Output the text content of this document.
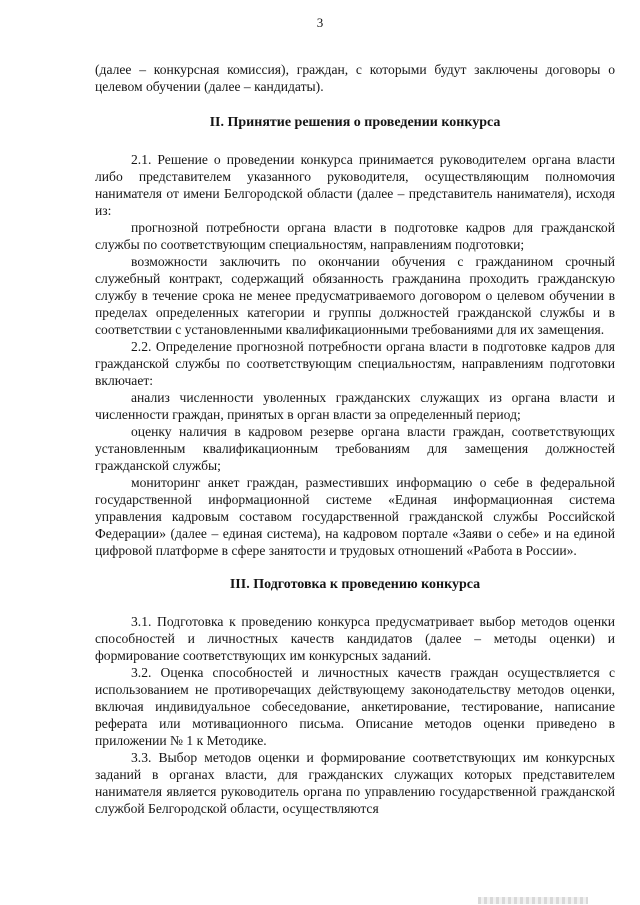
3

(далее – конкурсная комиссия), граждан, с которыми будут заключены договоры о целевом обучении (далее – кандидаты).

II. Принятие решения о проведении конкурса

2.1. Решение о проведении конкурса принимается руководителем органа власти либо представителем указанного руководителя, осуществляющим полномочия нанимателя от имени Белгородской области (далее – представитель нанимателя), исходя из:

прогнозной потребности органа власти в подготовке кадров для гражданской службы по соответствующим специальностям, направлениям подготовки;

возможности заключить по окончании обучения с гражданином срочный служебный контракт, содержащий обязанность гражданина проходить гражданскую службу в течение срока не менее предусматриваемого договором о целевом обучении в пределах определенных категории и группы должностей гражданской службы и в соответствии с установленными квалификационными требованиями для их замещения.

2.2. Определение прогнозной потребности органа власти в подготовке кадров для гражданской службы по соответствующим специальностям, направлениям подготовки включает:

анализ численности уволенных гражданских служащих из органа власти и численности граждан, принятых в орган власти за определенный период;

оценку наличия в кадровом резерве органа власти граждан, соответствующих установленным квалификационным требованиям для замещения должностей гражданской службы;

мониторинг анкет граждан, разместивших информацию о себе в федеральной государственной информационной системе «Единая информационная система управления кадровым составом государственной гражданской службы Российской Федерации» (далее – единая система), на кадровом портале «Заяви о себе» и на единой цифровой платформе в сфере занятости и трудовых отношений «Работа в России».

III. Подготовка к проведению конкурса

3.1. Подготовка к проведению конкурса предусматривает выбор методов оценки способностей и личностных качеств кандидатов (далее – методы оценки) и формирование соответствующих им конкурсных заданий.

3.2. Оценка способностей и личностных качеств граждан осуществляется с использованием не противоречащих действующему законодательству методов оценки, включая индивидуальное собеседование, анкетирование, тестирование, написание реферата или мотивационного письма. Описание методов оценки приведено в приложении № 1 к Методике.

3.3. Выбор методов оценки и формирование соответствующих им конкурсных заданий в органах власти, для гражданских служащих которых представителем нанимателя является руководитель органа по управлению государственной гражданской службой Белгородской области, осуществляются
